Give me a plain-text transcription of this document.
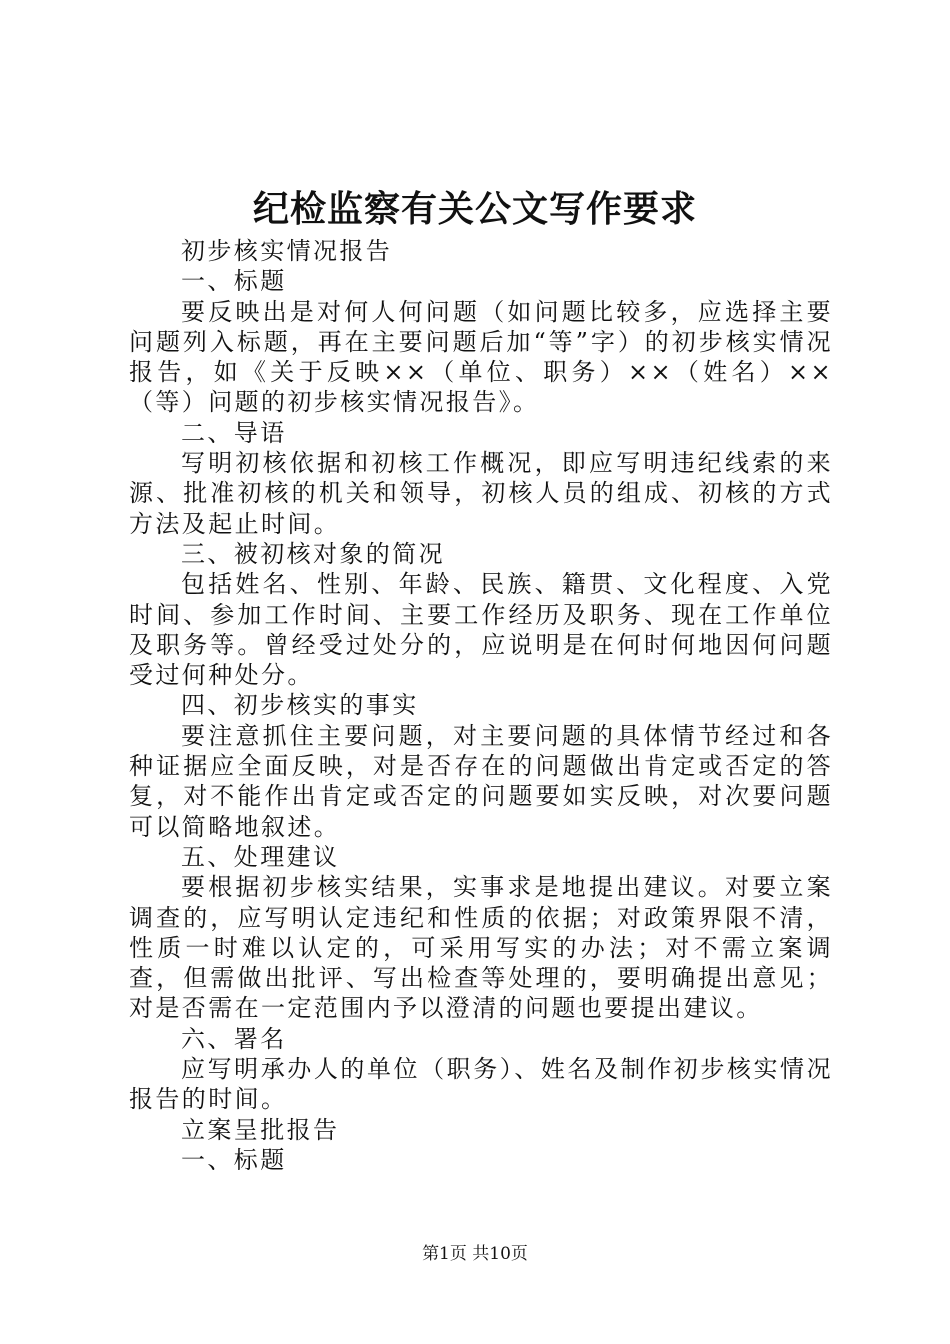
纪检监察有关公文写作要求

初步核实情况报告

一、标题

要反映出是对何人何问题（如问题比较多，应选择主要问题列入标题，再在主要问题后加“等”字）的初步核实情况报告，如《关于反映××（单位、职务）××（姓名）××（等）问题的初步核实情况报告》。

二、导语

写明初核依据和初核工作概况，即应写明违纪线索的来源、批准初核的机关和领导，初核人员的组成、初核的方式方法及起止时间。

三、被初核对象的简况

包括姓名、性别、年龄、民族、籍贯、文化程度、入党时间、参加工作时间、主要工作经历及职务、现在工作单位及职务等。曾经受过处分的，应说明是在何时何地因何问题受过何种处分。

四、初步核实的事实

要注意抓住主要问题，对主要问题的具体情节经过和各种证据应全面反映，对是否存在的问题做出肯定或否定的答复，对不能作出肯定或否定的问题要如实反映，对次要问题可以简略地叙述。

五、处理建议

要根据初步核实结果，实事求是地提出建议。对要立案调查的，应写明认定违纪和性质的依据；对政策界限不清，性质一时难以认定的，可采用写实的办法；对不需立案调查，但需做出批评、写出检查等处理的，要明确提出意见；对是否需在一定范围内予以澄清的问题也要提出建议。

六、署名

应写明承办人的单位（职务）、姓名及制作初步核实情况报告的时间。

立案呈批报告

一、标题

第1页 共10页
